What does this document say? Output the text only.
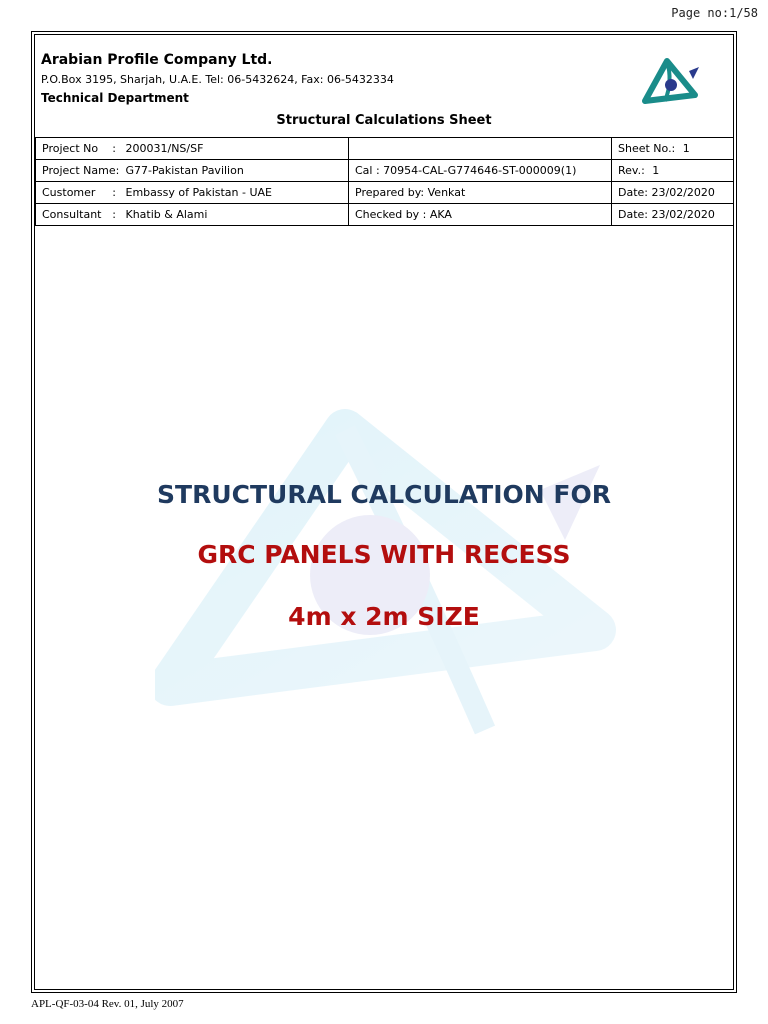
Page no:1/58
Arabian Profile Company Ltd.
P.O.Box 3195, Sharjah, U.A.E. Tel: 06-5432624, Fax: 06-5432334
Technical Department
Structural Calculations Sheet
Project No : 200031/NS/SF		Sheet No.: 1
Project Name: G77-Pakistan Pavilion	Cal : 70954-CAL-G774646-ST-000009(1)	Rev.: 1
Customer : Embassy of Pakistan - UAE	Prepared by: Venkat	Date: 23/02/2020
Consultant : Khatib & Alami	Checked by : AKA	Date: 23/02/2020
STRUCTURAL CALCULATION FOR
GRC PANELS WITH RECESS
4m x 2m SIZE
APL-QF-03-04 Rev. 01, July 2007
